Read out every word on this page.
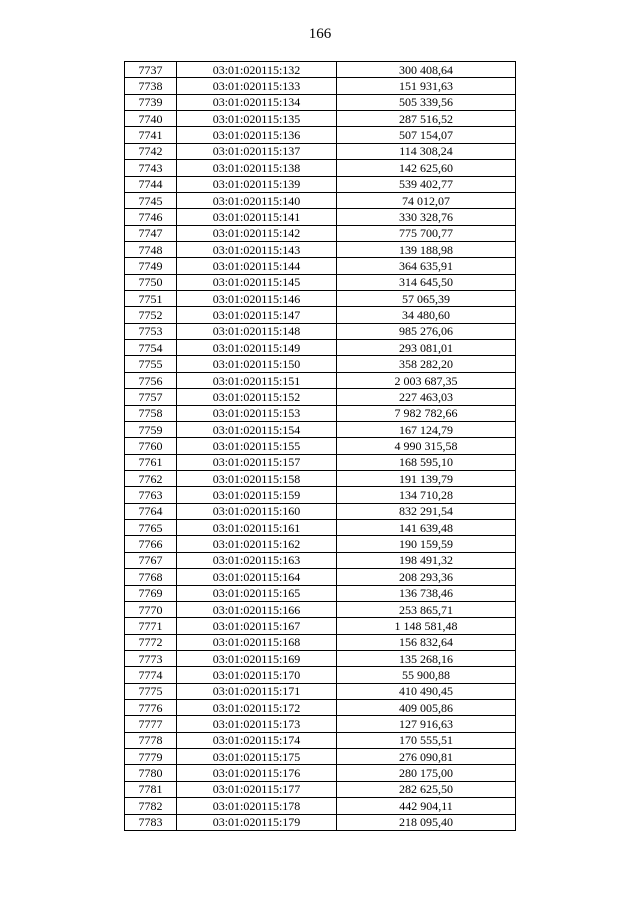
166
7737	03:01:020115:132	300 408,64
7738	03:01:020115:133	151 931,63
7739	03:01:020115:134	505 339,56
7740	03:01:020115:135	287 516,52
7741	03:01:020115:136	507 154,07
7742	03:01:020115:137	114 308,24
7743	03:01:020115:138	142 625,60
7744	03:01:020115:139	539 402,77
7745	03:01:020115:140	74 012,07
7746	03:01:020115:141	330 328,76
7747	03:01:020115:142	775 700,77
7748	03:01:020115:143	139 188,98
7749	03:01:020115:144	364 635,91
7750	03:01:020115:145	314 645,50
7751	03:01:020115:146	57 065,39
7752	03:01:020115:147	34 480,60
7753	03:01:020115:148	985 276,06
7754	03:01:020115:149	293 081,01
7755	03:01:020115:150	358 282,20
7756	03:01:020115:151	2 003 687,35
7757	03:01:020115:152	227 463,03
7758	03:01:020115:153	7 982 782,66
7759	03:01:020115:154	167 124,79
7760	03:01:020115:155	4 990 315,58
7761	03:01:020115:157	168 595,10
7762	03:01:020115:158	191 139,79
7763	03:01:020115:159	134 710,28
7764	03:01:020115:160	832 291,54
7765	03:01:020115:161	141 639,48
7766	03:01:020115:162	190 159,59
7767	03:01:020115:163	198 491,32
7768	03:01:020115:164	208 293,36
7769	03:01:020115:165	136 738,46
7770	03:01:020115:166	253 865,71
7771	03:01:020115:167	1 148 581,48
7772	03:01:020115:168	156 832,64
7773	03:01:020115:169	135 268,16
7774	03:01:020115:170	55 900,88
7775	03:01:020115:171	410 490,45
7776	03:01:020115:172	409 005,86
7777	03:01:020115:173	127 916,63
7778	03:01:020115:174	170 555,51
7779	03:01:020115:175	276 090,81
7780	03:01:020115:176	280 175,00
7781	03:01:020115:177	282 625,50
7782	03:01:020115:178	442 904,11
7783	03:01:020115:179	218 095,40
